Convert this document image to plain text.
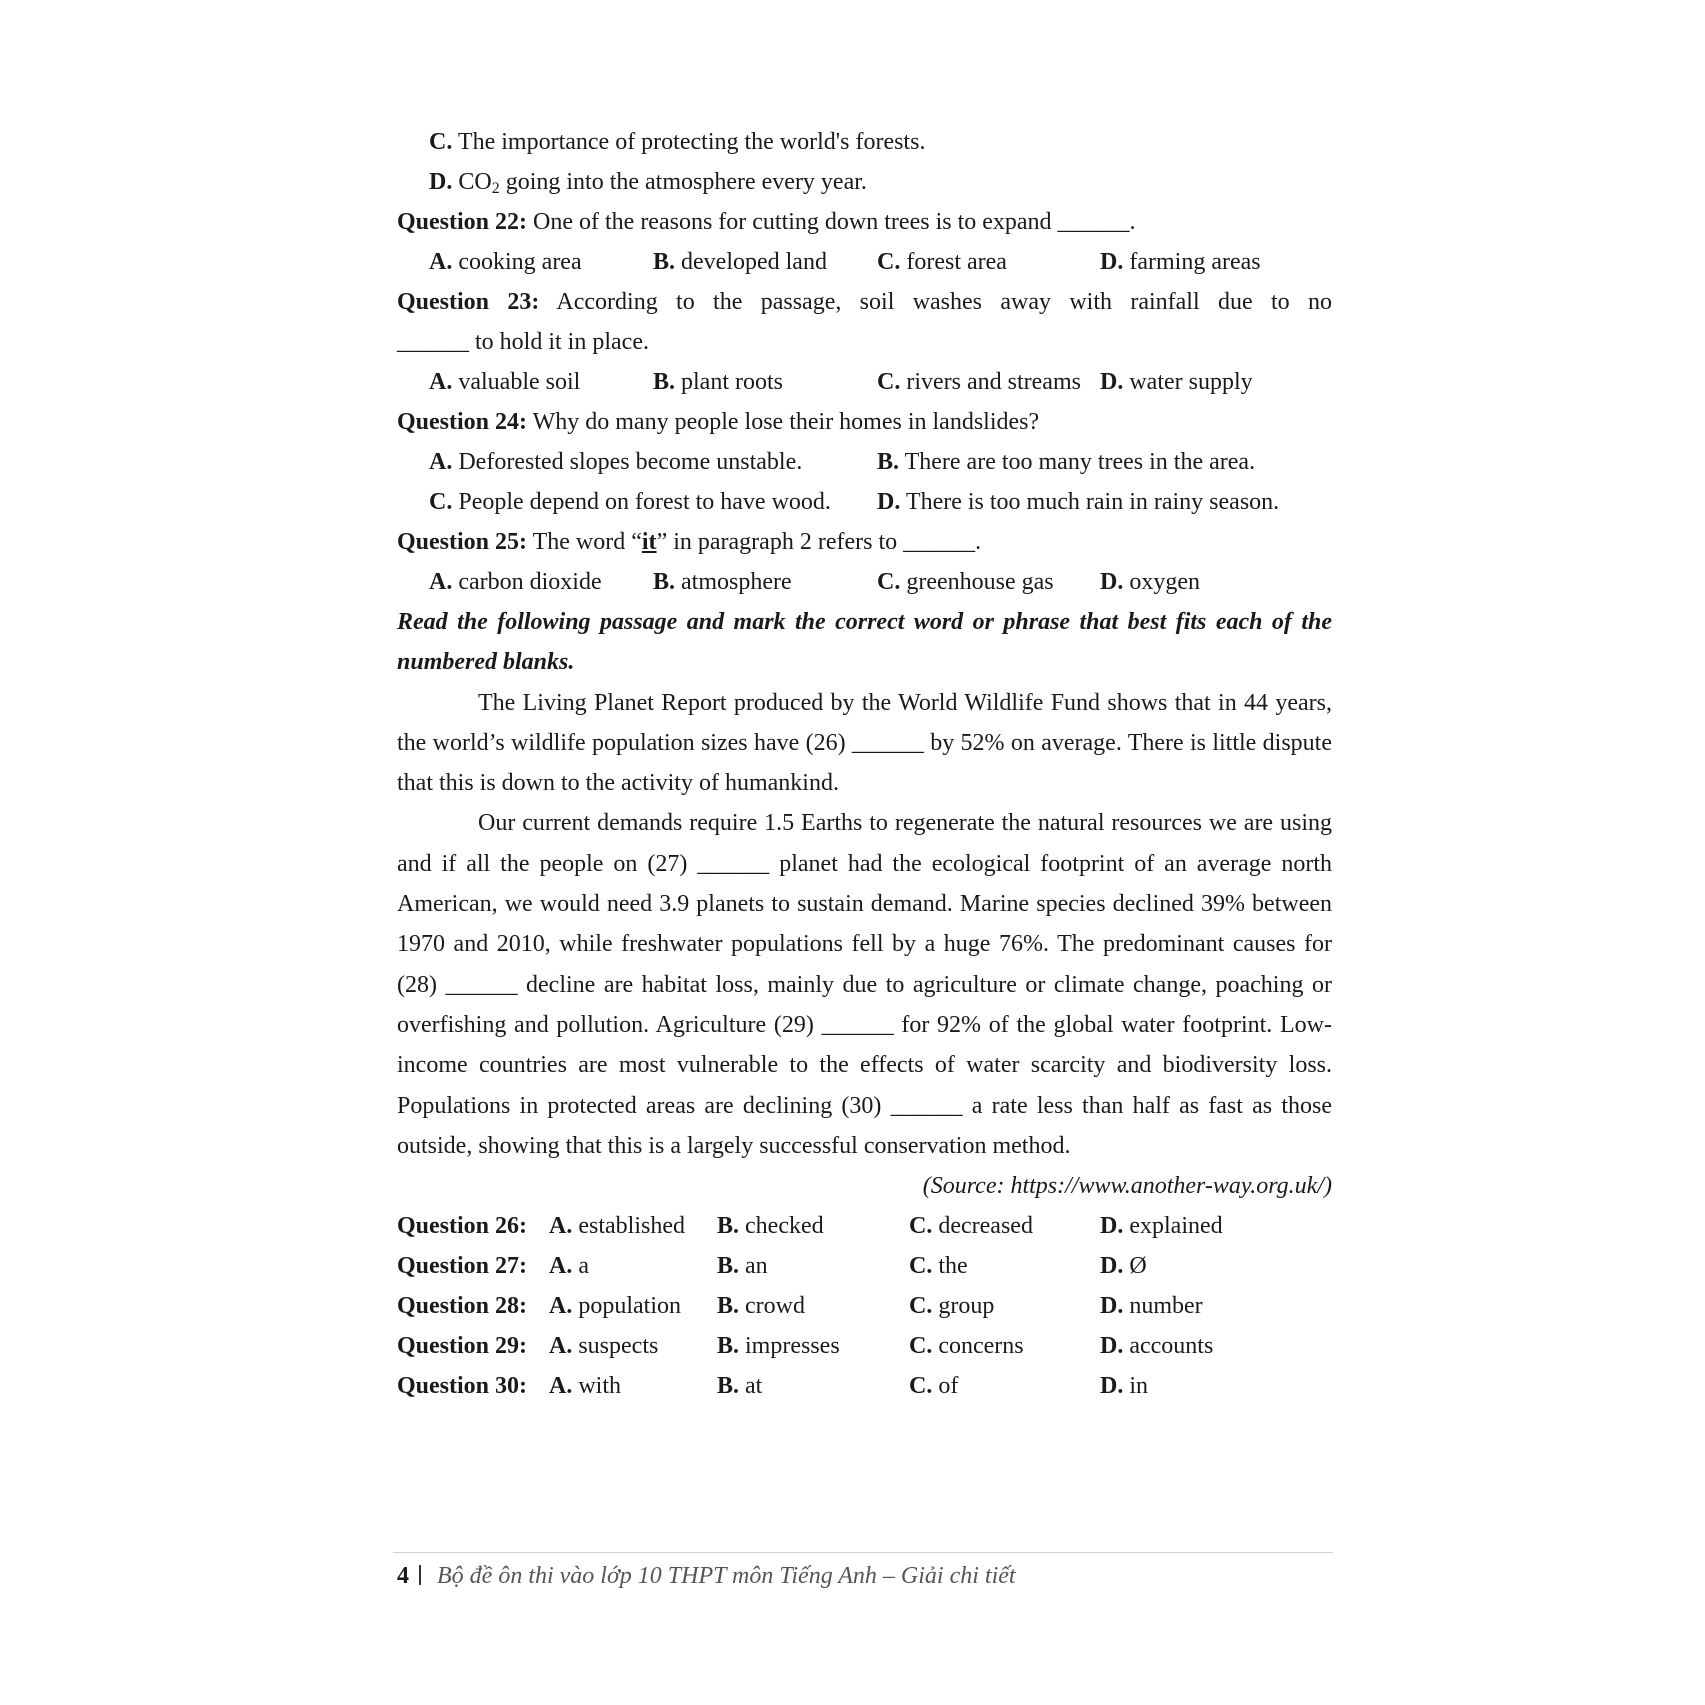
C. The importance of protecting the world's forests.
D. $CO_2$ going into the atmosphere every year.
Question 22: One of the reasons for cutting down trees is to expand ______.
A. cooking area	B. developed land C. forest area	D. farming areas
Question 23: According to the passage, soil washes away with rainfall due to no
______ to hold it in place.
A. valuable soil	B. plant roots	C. rivers and streams D. water supply
Question 24: Why do many people lose their homes in landslides?
A. Deforested slopes become unstable.	B. There are too many trees in the area.
C. People depend on forest to have wood. D. There is too much rain in rainy season.
Question 25: The word “it” in paragraph 2 refers to ______.
A. carbon dioxide B. atmosphere	C. greenhouse gas D. oxygen
Read the following passage and mark the correct word or phrase that best fits each of the numbered blanks.
The Living Planet Report produced by the World Wildlife Fund shows that in 44 years, the world’s wildlife population sizes have (26) ______ by 52% on average. There is little dispute that this is down to the activity of humankind.
Our current demands require 1.5 Earths to regenerate the natural resources we are using and if all the people on (27) ______ planet had the ecological footprint of an average north American, we would need 3.9 planets to sustain demand. Marine species declined 39% between 1970 and 2010, while freshwater populations fell by a huge 76%. The predominant causes for (28) ______ decline are habitat loss, mainly due to agriculture or climate change, poaching or overfishing and pollution. Agriculture (29) ______ for 92% of the global water footprint. Low-income countries are most vulnerable to the effects of water scarcity and biodiversity loss. Populations in protected areas are declining (30) ______ a rate less than half as fast as those outside, showing that this is a largely successful conservation method.
(Source: https://www.another-way.org.uk/)
Question 26: A. established B. checked	C. decreased	D. explained
Question 27: A. a	B. an	C. the	D. Ø
Question 28: A. population B. crowd	C. group	D. number
Question 29: A. suspects B. impresses	C. concerns	D. accounts
Question 30: A. with	B. at	C. of	D. in
4 Bộ đề ôn thi vào lớp 10 THPT môn Tiếng Anh – Giải chi tiết
